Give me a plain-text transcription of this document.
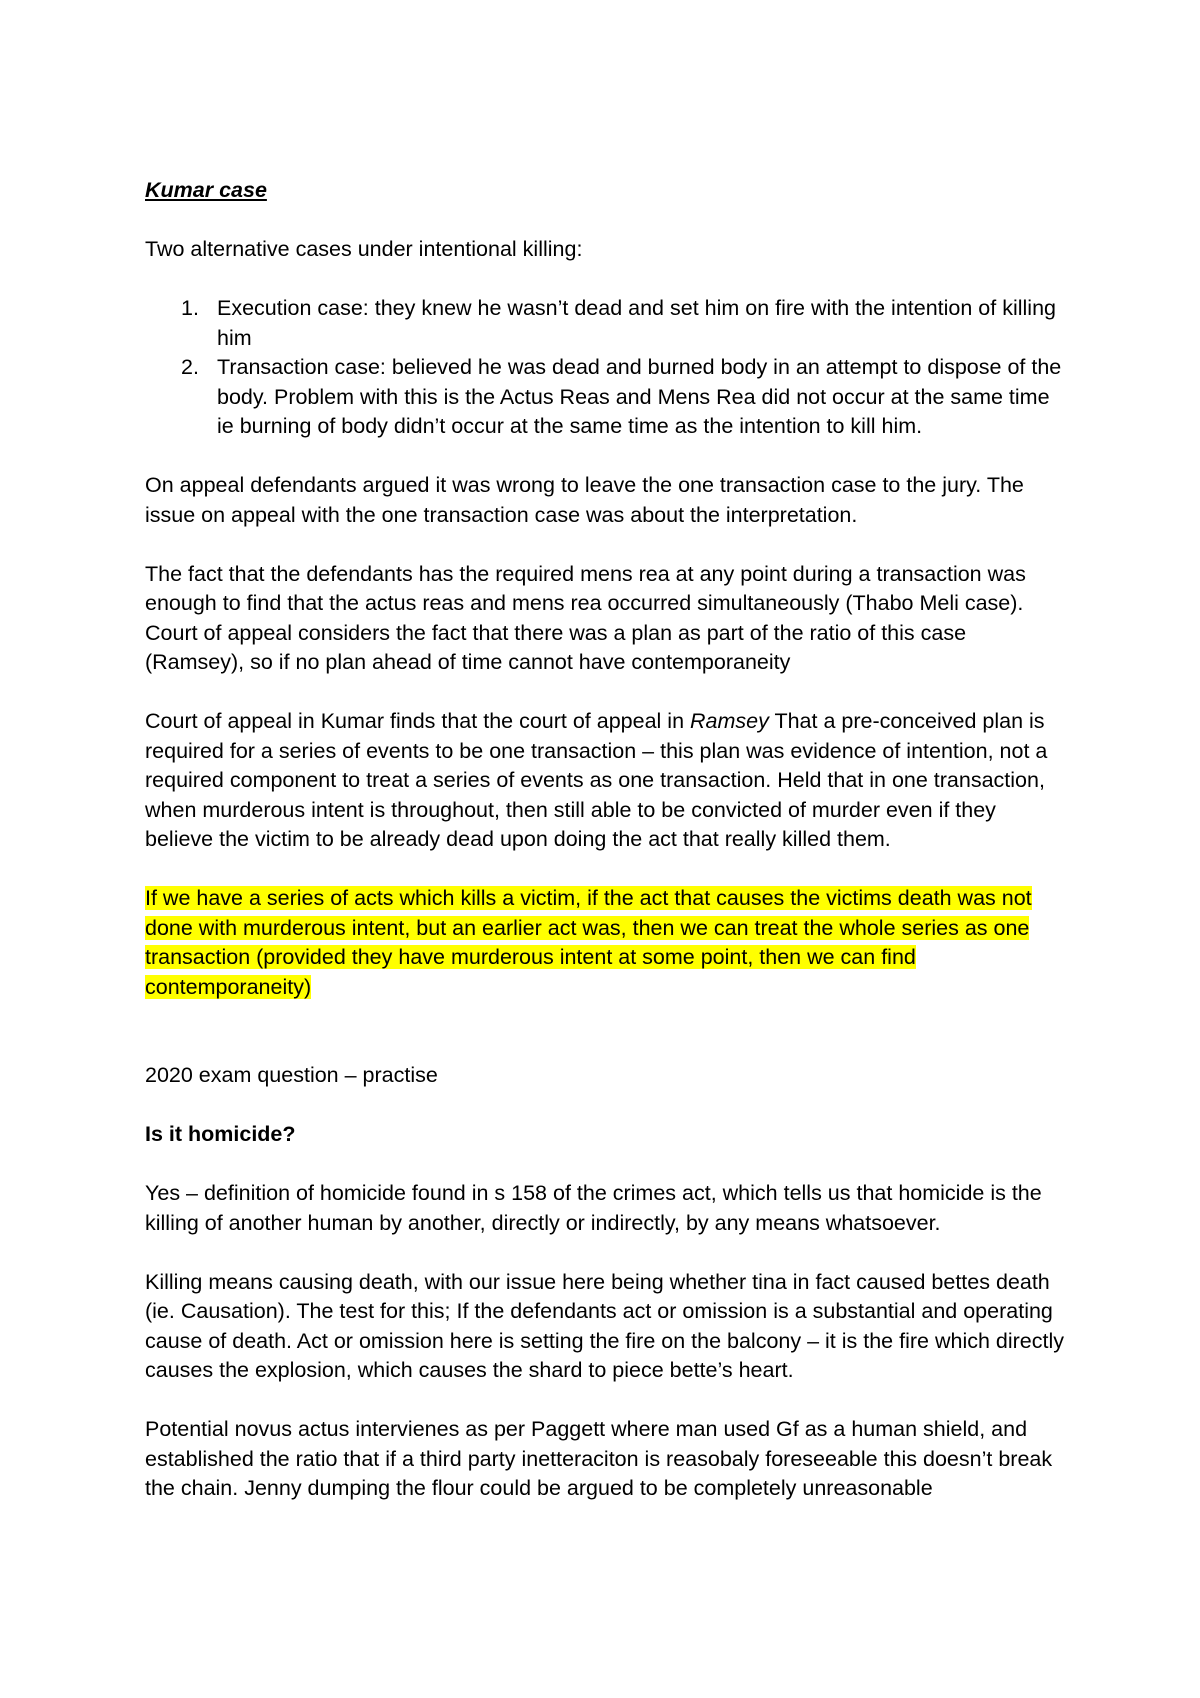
Kumar case

Two alternative cases under intentional killing:

1. Execution case: they knew he wasn’t dead and set him on fire with the intention of killing him
2. Transaction case: believed he was dead and burned body in an attempt to dispose of the body. Problem with this is the Actus Reas and Mens Rea did not occur at the same time ie burning of body didn’t occur at the same time as the intention to kill him.

On appeal defendants argued it was wrong to leave the one transaction case to the jury. The issue on appeal with the one transaction case was about the interpretation.

The fact that the defendants has the required mens rea at any point during a transaction was enough to find that the actus reas and mens rea occurred simultaneously (Thabo Meli case). Court of appeal considers the fact that there was a plan as part of the ratio of this case (Ramsey), so if no plan ahead of time cannot have contemporaneity

Court of appeal in Kumar finds that the court of appeal in Ramsey That a pre-conceived plan is required for a series of events to be one transaction – this plan was evidence of intention, not a required component to treat a series of events as one transaction. Held that in one transaction, when murderous intent is throughout, then still able to be convicted of murder even if they believe the victim to be already dead upon doing the act that really killed them.

If we have a series of acts which kills a victim, if the act that causes the victims death was not done with murderous intent, but an earlier act was, then we can treat the whole series as one transaction (provided they have murderous intent at some point, then we can find contemporaneity)

2020 exam question – practise

Is it homicide?

Yes – definition of homicide found in s 158 of the crimes act, which tells us that homicide is the killing of another human by another, directly or indirectly, by any means whatsoever.

Killing means causing death, with our issue here being whether tina in fact caused bettes death (ie. Causation). The test for this; If the defendants act or omission is a substantial and operating cause of death. Act or omission here is setting the fire on the balcony – it is the fire which directly causes the explosion, which causes the shard to piece bette’s heart.

Potential novus actus intervienes as per Paggett where man used Gf as a human shield, and established the ratio that if a third party inetteraciton is reasobaly foreseeable this doesn’t break the chain. Jenny dumping the flour could be argued to be completely unreasonable
